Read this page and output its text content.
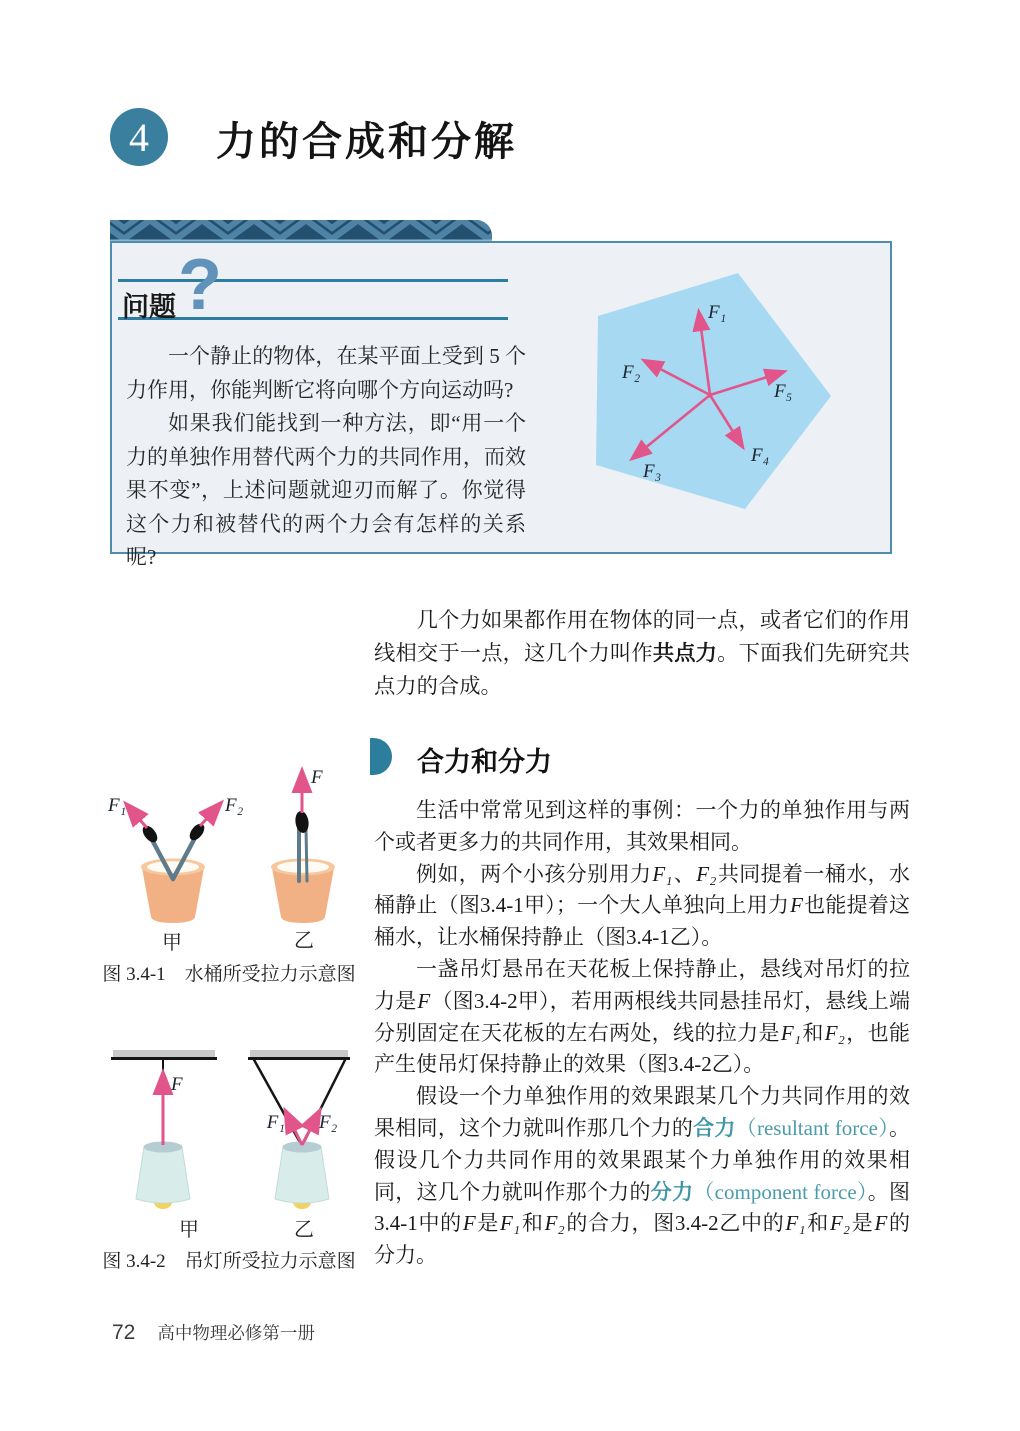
4 力的合成和分解
问题 ?

一个静止的物体，在某平面上受到 5 个力作用，你能判断它将向哪个方向运动吗?

如果我们能找到一种方法，即“用一个力的单独作用替代两个力的共同作用，而效果不变”，上述问题就迎刃而解了。你觉得这个力和被替代的两个力会有怎样的关系呢?

F₁
F₂
F₃
F₄
F₅

几个力如果都作用在物体的同一点，或者它们的作用线相交于一点，这几个力叫作共点力。下面我们先研究共点力的合成。

合力和分力

生活中常常见到这样的事例：一个力的单独作用与两个或者更多力的共同作用，其效果相同。

例如，两个小孩分别用力F₁、F₂共同提着一桶水，水桶静止（图3.4-1甲）；一个大人单独向上用力F也能提着这桶水，让水桶保持静止（图3.4-1乙）。

一盏吊灯悬吊在天花板上保持静止，悬线对吊灯的拉力是F（图3.4-2甲），若用两根线共同悬挂吊灯，悬线上端分别固定在天花板的左右两处，线的拉力是F₁和F₂，也能产生使吊灯保持静止的效果（图3.4-2乙）。

假设一个力单独作用的效果跟某几个力共同作用的效果相同，这个力就叫作那几个力的合力（resultant force）。假设几个力共同作用的效果跟某个力单独作用的效果相同，这几个力就叫作那个力的分力（component force）。图3.4-1中的F是F₁和F₂的合力，图3.4-2乙中的F₁和F₂是F的分力。

F₁	F₂
F
甲	乙
图 3.4-1　水桶所受拉力示意图
F
F₁ F₂
甲	乙
图 3.4-2　吊灯所受拉力示意图
72 高中物理必修第一册
